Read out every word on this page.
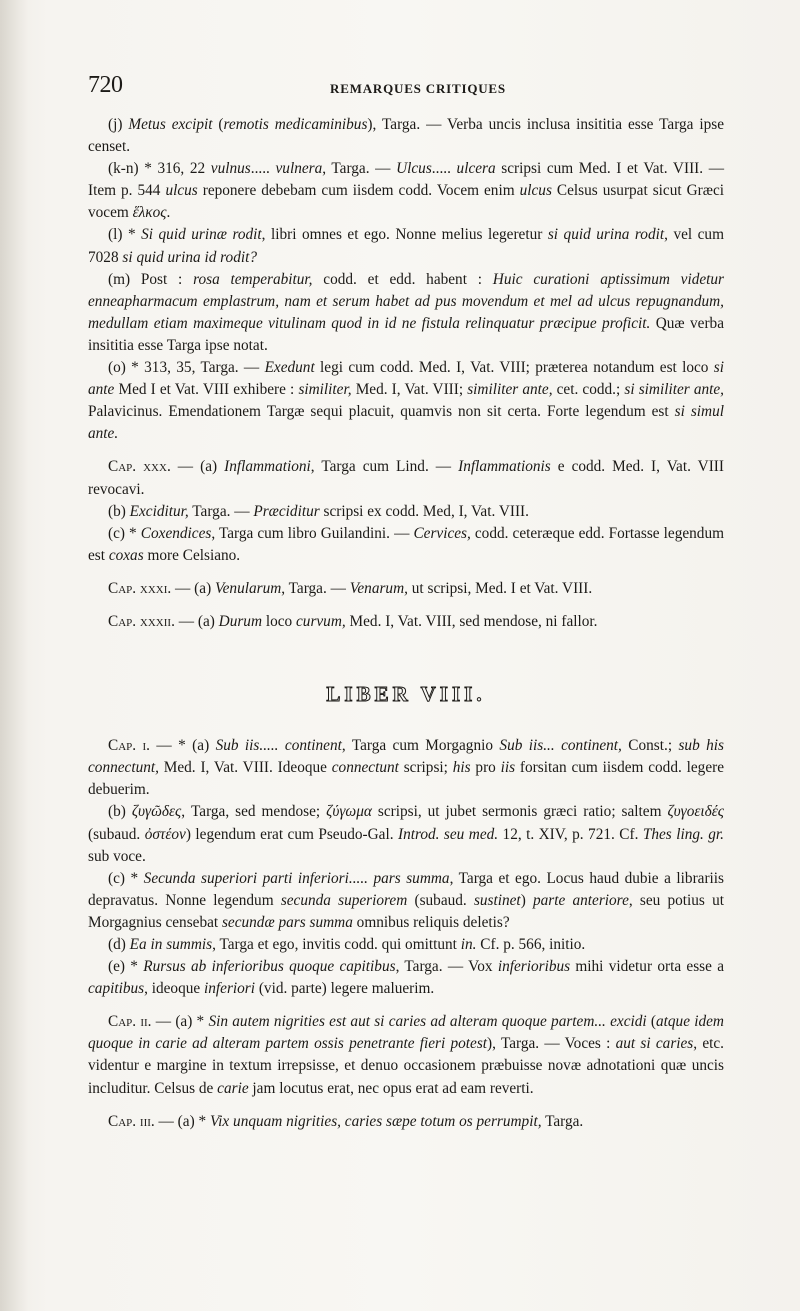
720	REMARQUES CRITIQUES

(j) Metus excipit (remotis medicaminibus), Targa. — Verba uncis inclusa insititia esse Targa ipse censet.

(k-n) * 316, 22 vulnus..... vulnera, Targa. — Ulcus..... ulcera scripsi cum Med. I et Vat. VIII. — Item p. 544 ulcus reponere debebam cum iisdem codd. Vocem enim ulcus Celsus usurpat sicut Græci vocem ἕλκος.

(l) * Si quid urinæ rodit, libri omnes et ego. Nonne melius legeretur si quid urina rodit, vel cum 7028 si quid urina id rodit?

(m) Post : rosa temperabitur, codd. et edd. habent : Huic curationi aptissimum videtur enneapharmacum emplastrum, nam et serum habet ad pus movendum et mel ad ulcus repugnandum, medullam etiam maximeque vitulinam quod in id ne fistula relinquatur præcipue proficit. Quæ verba insititia esse Targa ipse notat.

(o) * 313, 35, Targa. — Exedunt legi cum codd. Med. I, Vat. VIII; præterea notandum est loco si ante Med I et Vat. VIII exhibere : similiter, Med. I, Vat. VIII; similiter ante, cet. codd.; si similiter ante, Palavicinus. Emendationem Targæ sequi placuit, quamvis non sit certa. Forte legendum est si simul ante.

Cap. xxx. — (a) Inflammationi, Targa cum Lind. — Inflammationis e codd. Med. I, Vat. VIII revocavi.

(b) Exciditur, Targa. — Præciditur scripsi ex codd. Med, I, Vat. VIII.

(c) * Coxendices, Targa cum libro Guilandini. — Cervices, codd. ceteræque edd. Fortasse legendum est coxas more Celsiano.

Cap. xxxi. — (a) Venularum, Targa. — Venarum, ut scripsi, Med. I et Vat. VIII.

Cap. xxxii. — (a) Durum loco curvum, Med. I, Vat. VIII, sed mendose, ni fallor.

LIBER VIII.

Cap. i. — * (a) Sub iis..... continent, Targa cum Morgagnio Sub iis... continent, Const.; sub his connectunt, Med. I, Vat. VIII. Ideoque connectunt scripsi; his pro iis forsitan cum iisdem codd. legere debuerim.

(b) ζυγῶδες, Targa, sed mendose; ζύγωμα scripsi, ut jubet sermonis græci ratio; saltem ζυγοειδές (subaud. ὀστέον) legendum erat cum Pseudo-Gal. Introd. seu med. 12, t. XIV, p. 721. Cf. Thes ling. gr. sub voce.

(c) * Secunda superiori parti inferiori..... pars summa, Targa et ego. Locus haud dubie a librariis depravatus. Nonne legendum secunda superiorem (subaud. sustinet) parte anteriore, seu potius ut Morgagnius censebat secundæ pars summa omnibus reliquis deletis?

(d) Ea in summis, Targa et ego, invitis codd. qui omittunt in. Cf. p. 566, initio.

(e) * Rursus ab inferioribus quoque capitibus, Targa. — Vox inferioribus mihi videtur orta esse a capitibus, ideoque inferiori (vid. parte) legere maluerim.

Cap. ii. — (a) * Sin autem nigrities est aut si caries ad alteram quoque partem... excidi (atque idem quoque in carie ad alteram partem ossis penetrante fieri potest), Targa. — Voces : aut si caries, etc. videntur e margine in textum irrepsisse, et denuo occasionem præbuisse novæ adnotationi quæ uncis includitur. Celsus de carie jam locutus erat, nec opus erat ad eam reverti.

Cap. iii. — (a) * Vix unquam nigrities, caries sæpe totum os perrumpit, Targa.
